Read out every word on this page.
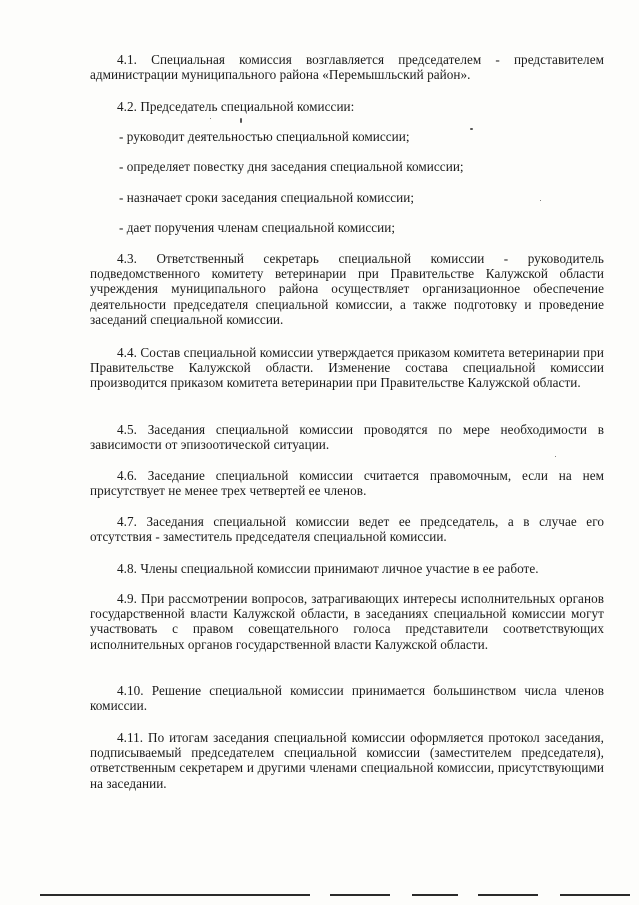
4.1. Специальная комиссия возглавляется председателем - представителем администрации муниципального района «Перемышльский район».

4.2. Председатель специальной комиссии:

- руководит деятельностью специальной комиссии;

- определяет повестку дня заседания специальной комиссии;

- назначает сроки заседания специальной комиссии;

- дает поручения членам специальной комиссии;

4.3. Ответственный секретарь специальной комиссии - руководитель подведомственного комитету ветеринарии при Правительстве Калужской области учреждения муниципального района осуществляет организационное обеспечение деятельности председателя специальной комиссии, а также подготовку и проведение заседаний специальной комиссии.

4.4. Состав специальной комиссии утверждается приказом комитета ветеринарии при Правительстве Калужской области. Изменение состава специальной комиссии производится приказом комитета ветеринарии при Правительстве Калужской области.

4.5. Заседания специальной комиссии проводятся по мере необходимости в зависимости от эпизоотической ситуации.

4.6. Заседание специальной комиссии считается правомочным, если на нем присутствует не менее трех четвертей ее членов.

4.7. Заседания специальной комиссии ведет ее председатель, а в случае его отсутствия - заместитель председателя специальной комиссии.

4.8. Члены специальной комиссии принимают личное участие в ее работе.

4.9. При рассмотрении вопросов, затрагивающих интересы исполнительных органов государственной власти Калужской области, в заседаниях специальной комиссии могут участвовать с правом совещательного голоса представители соответствующих исполнительных органов государственной власти Калужской области.

4.10. Решение специальной комиссии принимается большинством числа членов комиссии.

4.11. По итогам заседания специальной комиссии оформляется протокол заседания, подписываемый председателем специальной комиссии (заместителем председателя), ответственным секретарем и другими членами специальной комиссии, присутствующими на заседании.
